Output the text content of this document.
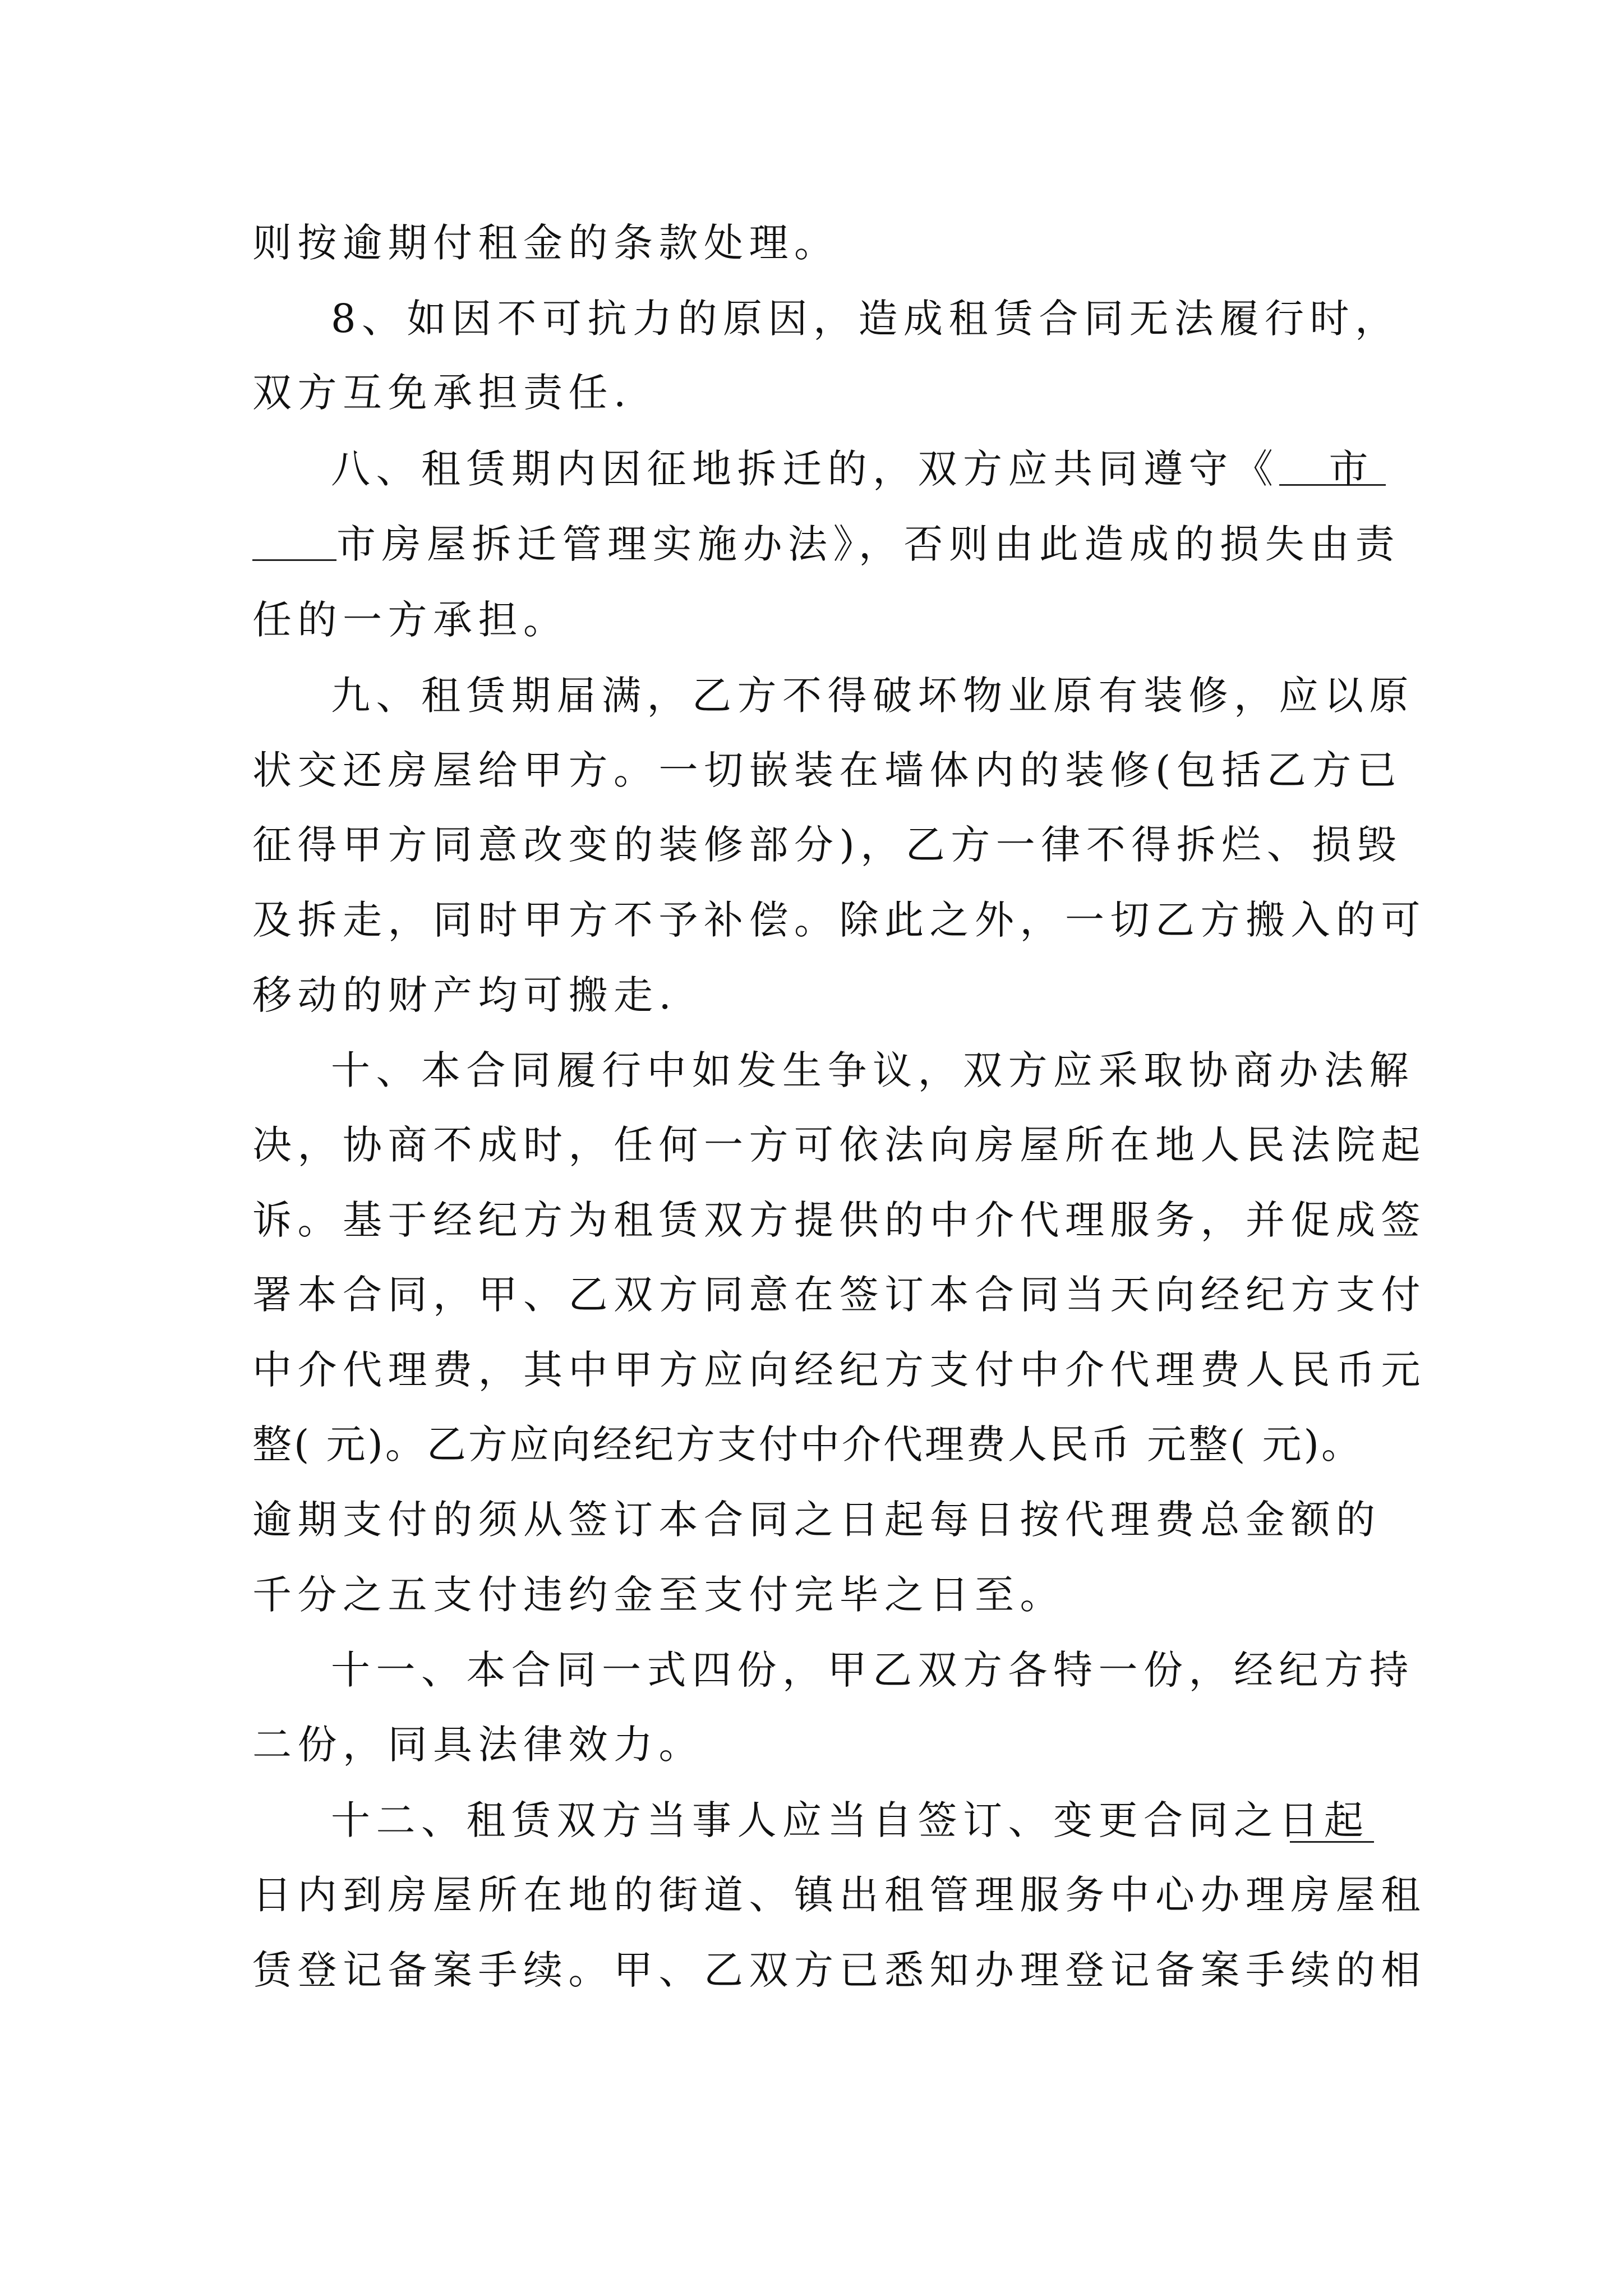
则按逾期付租金的条款处理。
8、如因不可抗力的原因，造成租赁合同无法履行时，
双方互免承担责任.
八、租赁期内因征地拆迁的，双方应共同遵守《 市
市房屋拆迁管理实施办法》，否则由此造成的损失由责
任的一方承担。
九、租赁期届满，乙方不得破坏物业原有装修，应以原
状交还房屋给甲方。一切嵌装在墙体内的装修(包括乙方已
征得甲方同意改变的装修部分)，乙方一律不得拆烂、损毁
及拆走，同时甲方不予补偿。除此之外，一切乙方搬入的可
移动的财产均可搬走.
十、本合同履行中如发生争议，双方应采取协商办法解
决，协商不成时，任何一方可依法向房屋所在地人民法院起
诉。基于经纪方为租赁双方提供的中介代理服务，并促成签
署本合同，甲、乙双方同意在签订本合同当天向经纪方支付
中介代理费，其中甲方应向经纪方支付中介代理费人民币元
整( 元)。乙方应向经纪方支付中介代理费人民币 元整( 元)。
逾期支付的须从签订本合同之日起每日按代理费总金额的
千分之五支付违约金至支付完毕之日至。
十一、本合同一式四份，甲乙双方各特一份，经纪方持
二份，同具法律效力。
十二、租赁双方当事人应当自签订、变更合同之日起
日内到房屋所在地的街道、镇出租管理服务中心办理房屋租
赁登记备案手续。甲、乙双方已悉知办理登记备案手续的相
